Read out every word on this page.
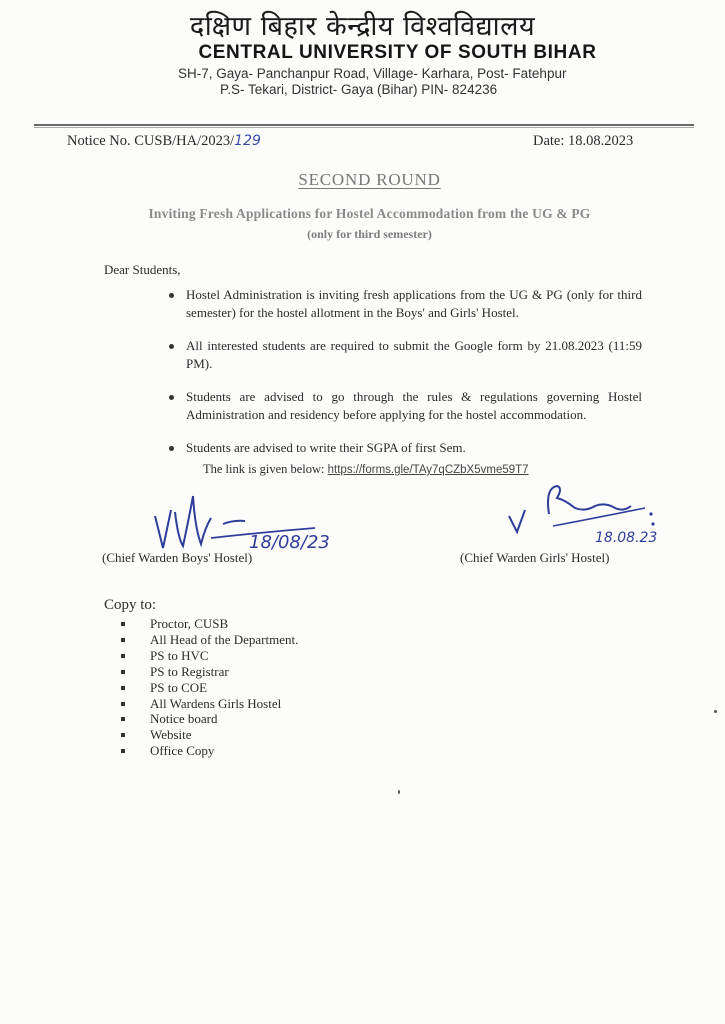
दक्षिण बिहार केन्द्रीय विश्वविद्यालय
CENTRAL UNIVERSITY OF SOUTH BIHAR
SH-7, Gaya- Panchanpur Road, Village- Karhara, Post- Fatehpur
P.S- Tekari, District- Gaya (Bihar) PIN- 824236
Notice No. CUSB/HA/2023/129	Date: 18.08.2023
SECOND ROUND
Inviting Fresh Applications for Hostel Accommodation from the UG & PG
(only for third semester)
Dear Students,
Hostel Administration is inviting fresh applications from the UG & PG (only for third semester) for the hostel allotment in the Boys' and Girls' Hostel.
All interested students are required to submit the Google form by 21.08.2023 (11:59 PM).
Students are advised to go through the rules & regulations governing Hostel Administration and residency before applying for the hostel accommodation.
Students are advised to write their SGPA of first Sem.
The link is given below: https://forms.gle/TAy7qCZbX5vme59T7
18/08/23
(Chief Warden Boys' Hostel)
18.08.23
(Chief Warden Girls' Hostel)
Copy to:
Proctor, CUSB
All Head of the Department.
PS to HVC
PS to Registrar
PS to COE
All Wardens Girls Hostel
Notice board
Website
Office Copy
